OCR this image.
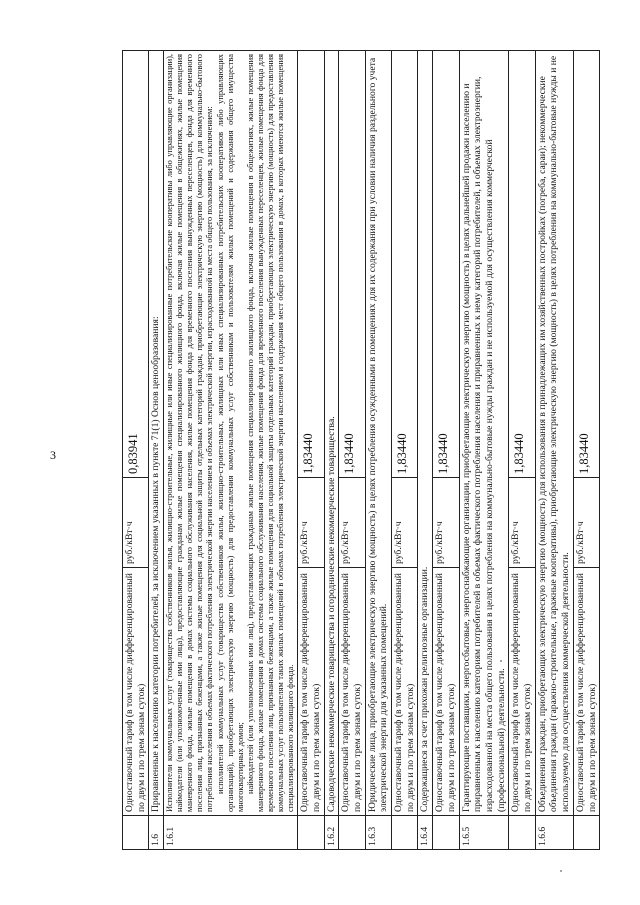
3
	Одноставочный тариф (в том числе дифференцированный по двум и по трем зонам суток)	руб./кВт·ч	0,83941
1.6	Приравненные к населению категории потребителей, за исключением указанных в пункте 71(1) Основ ценообразования:		
1.6.1	Исполнители коммунальных услуг (товарищества собственников жилья, жилищно-строительные, жилищные или иные специализированные потребительские кооперативы либо управляющие организации), наймодатели (или уполномоченные ими лица), предоставляющие гражданам жилые помещения специализированного жилищного фонда, включая жилые помещения в общежитиях, жилые помещения маневренного фонда, жилые помещения в домах системы социального обслуживания населения, жилые помещения фонда для временного поселения вынужденных переселенцев, фонда для временного поселения лиц, признанных беженцами, а также жилые помещения для социальной защиты отдельных категорий граждан, приобретающие электрическую энергию (мощность) для коммунально-бытового потребления населения в объемах фактического потребления электрической энергии населением и объемах электрической энергии, израсходованной на места общего пользования, за исключением: исполнителей коммунальных услуг (товарищества собственников жилья, жилищно-строительных, жилищных или иных специализированных потребительских кооперативов либо управляющих организаций), приобретающих электрическую энергию (мощность) для предоставления коммунальных услуг собственникам и пользователям жилых помещений и содержания общего имущества многоквартирных домов; наймодателей (или уполномоченных ими лиц), предоставляющих гражданам жилые помещения специализированного жилищного фонда, включая жилые помещения в общежитиях, жилые помещения маневренного фонда, жилые помещения в домах системы социального обслуживания населения, жилые помещения фонда для временного поселения вынужденных переселенцев, жилые помещения фонда для временного поселения лиц, признанных беженцами, а также жилые помещения для социальной защиты отдельных категорий граждан, приобретающих электрическую энергию (мощность) для предоставления коммунальных услуг пользователям таких жилых помещений в объемах потребления электрической энергии населением и содержания мест общего пользования в домах, в которых имеются жилые помещения специализированного жилищного фонда.		

	Одноставочный тариф (в том числе дифференцированный по двум и по трем зонам суток)	руб./кВт·ч	1,83440
1.6.2	Садоводческие некоммерческие товарищества и огороднические некоммерческие товарищества.		
	Одноставочный тариф (в том числе дифференцированный по двум и по трем зонам суток)	руб./кВт·ч	1,83440
1.6.3	Юридические лица, приобретающие электрическую энергию (мощность) в целях потребления осужденными в помещениях для их содержания при условии наличия раздельного учета электрической энергии для указанных помещений.		
	Одноставочный тариф (в том числе дифференцированный по двум и по трем зонам суток)	руб./кВт·ч	1,83440
1.6.4	Содержащиеся за счет прихожан религиозные организации.		
	Одноставочный тариф (в том числе дифференцированный по двум и по трем зонам суток)	руб./кВт·ч	1,83440
1.6.5	Гарантирующие поставщики, энергосбытовые, энергоснабжающие организации, приобретающие электрическую энергию (мощность) в целях дальнейшей продажи населению и приравненным к населению категориям потребителей в объемах фактического потребления населения и приравненных к нему категорий потребителей, и объемах электроэнергии, израсходованной на места общего пользования в целях потребления на коммунально-бытовые нужды граждан и не используемой для осуществления коммерческой (профессиональной) деятельности.		
	Одноставочный тариф (в том числе дифференцированный по двум и по трем зонам суток)	руб./кВт·ч	1,83440
1.6.6	Объединения граждан, приобретающих электрическую энергию (мощность) для использования в принадлежащих им хозяйственных постройках (погреба, сараи); некоммерческие объединения граждан (гаражно-строительные, гаражные кооперативы), приобретающие электрическую энергию (мощность) в целях потребления на коммунально-бытовые нужды и не используемую для осуществления коммерческой деятельности.		
	Одноставочный тариф (в том числе дифференцированный по двум и по трем зонам суток)	руб./кВт·ч	1,83440
